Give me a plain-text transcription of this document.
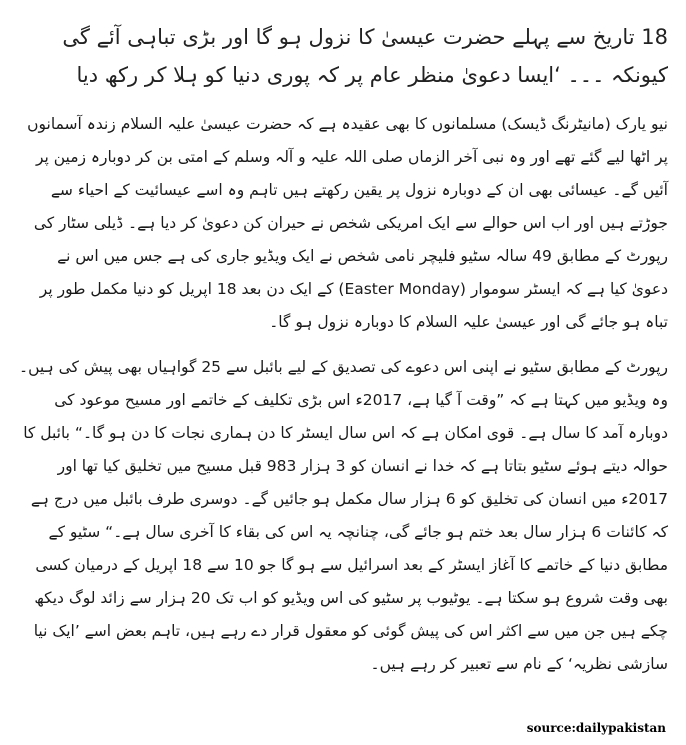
18 تاریخ سے پہلے حضرت عیسیٰ کا نزول ہو گا اور بڑی تباہی آئے گی کیونکہ ۔۔۔ ‘ایسا دعویٰ منظر عام پر کہ پوری دنیا کو ہلا کر رکھ دیا

نیو یارک (مانیٹرنگ ڈیسک) مسلمانوں کا بھی عقیدہ ہے کہ حضرت عیسیٰ علیہ السلام زندہ آسمانوں پر اٹھا لیے گئے تھے اور وہ نبی آخر الزماں صلی اللہ علیہ و آلہ وسلم کے امتی بن کر دوبارہ زمین پر آئیں گے۔ عیسائی بھی ان کے دوبارہ نزول پر یقین رکھتے ہیں تاہم وہ اسے عیسائیت کے احیاء سے جوڑتے ہیں اور اب اس حوالے سے ایک امریکی شخص نے حیران کن دعویٰ کر دیا ہے۔ ڈیلی سٹار کی رپورٹ کے مطابق 49 سالہ سٹیو فلیچر نامی شخص نے ایک ویڈیو جاری کی ہے جس میں اس نے دعویٰ کیا ہے کہ ایسٹر سوموار (Easter Monday) کے ایک دن بعد 18 اپریل کو دنیا مکمل طور پر تباہ ہو جائے گی اور عیسیٰ علیہ السلام کا دوبارہ نزول ہو گا۔

رپورٹ کے مطابق سٹیو نے اپنی اس دعوے کی تصدیق کے لیے بائبل سے 25 گواہیاں بھی پیش کی ہیں۔ وہ ویڈیو میں کہتا ہے کہ ”وقت آ گیا ہے، 2017ء اس بڑی تکلیف کے خاتمے اور مسیح موعود کی دوبارہ آمد کا سال ہے۔ قوی امکان ہے کہ اس سال ایسٹر کا دن ہماری نجات کا دن ہو گا۔“ بائبل کا حوالہ دیتے ہوئے سٹیو بتاتا ہے کہ خدا نے انسان کو 3 ہزار 983 قبل مسیح میں تخلیق کیا تھا اور 2017ء میں انسان کی تخلیق کو 6 ہزار سال مکمل ہو جائیں گے۔ دوسری طرف بائبل میں درج ہے کہ کائنات 6 ہزار سال بعد ختم ہو جائے گی، چنانچہ یہ اس کی بقاء کا آخری سال ہے۔“ سٹیو کے مطابق دنیا کے خاتمے کا آغاز ایسٹر کے بعد اسرائیل سے ہو گا جو 10 سے 18 اپریل کے درمیان کسی بھی وقت شروع ہو سکتا ہے۔ یوٹیوب پر سٹیو کی اس ویڈیو کو اب تک 20 ہزار سے زائد لوگ دیکھ چکے ہیں جن میں سے اکثر اس کی پیش گوئی کو معقول قرار دے رہے ہیں، تاہم بعض اسے ’ایک نیا سازشی نظریہ‘ کے نام سے تعبیر کر رہے ہیں۔

source:dailypakistan
